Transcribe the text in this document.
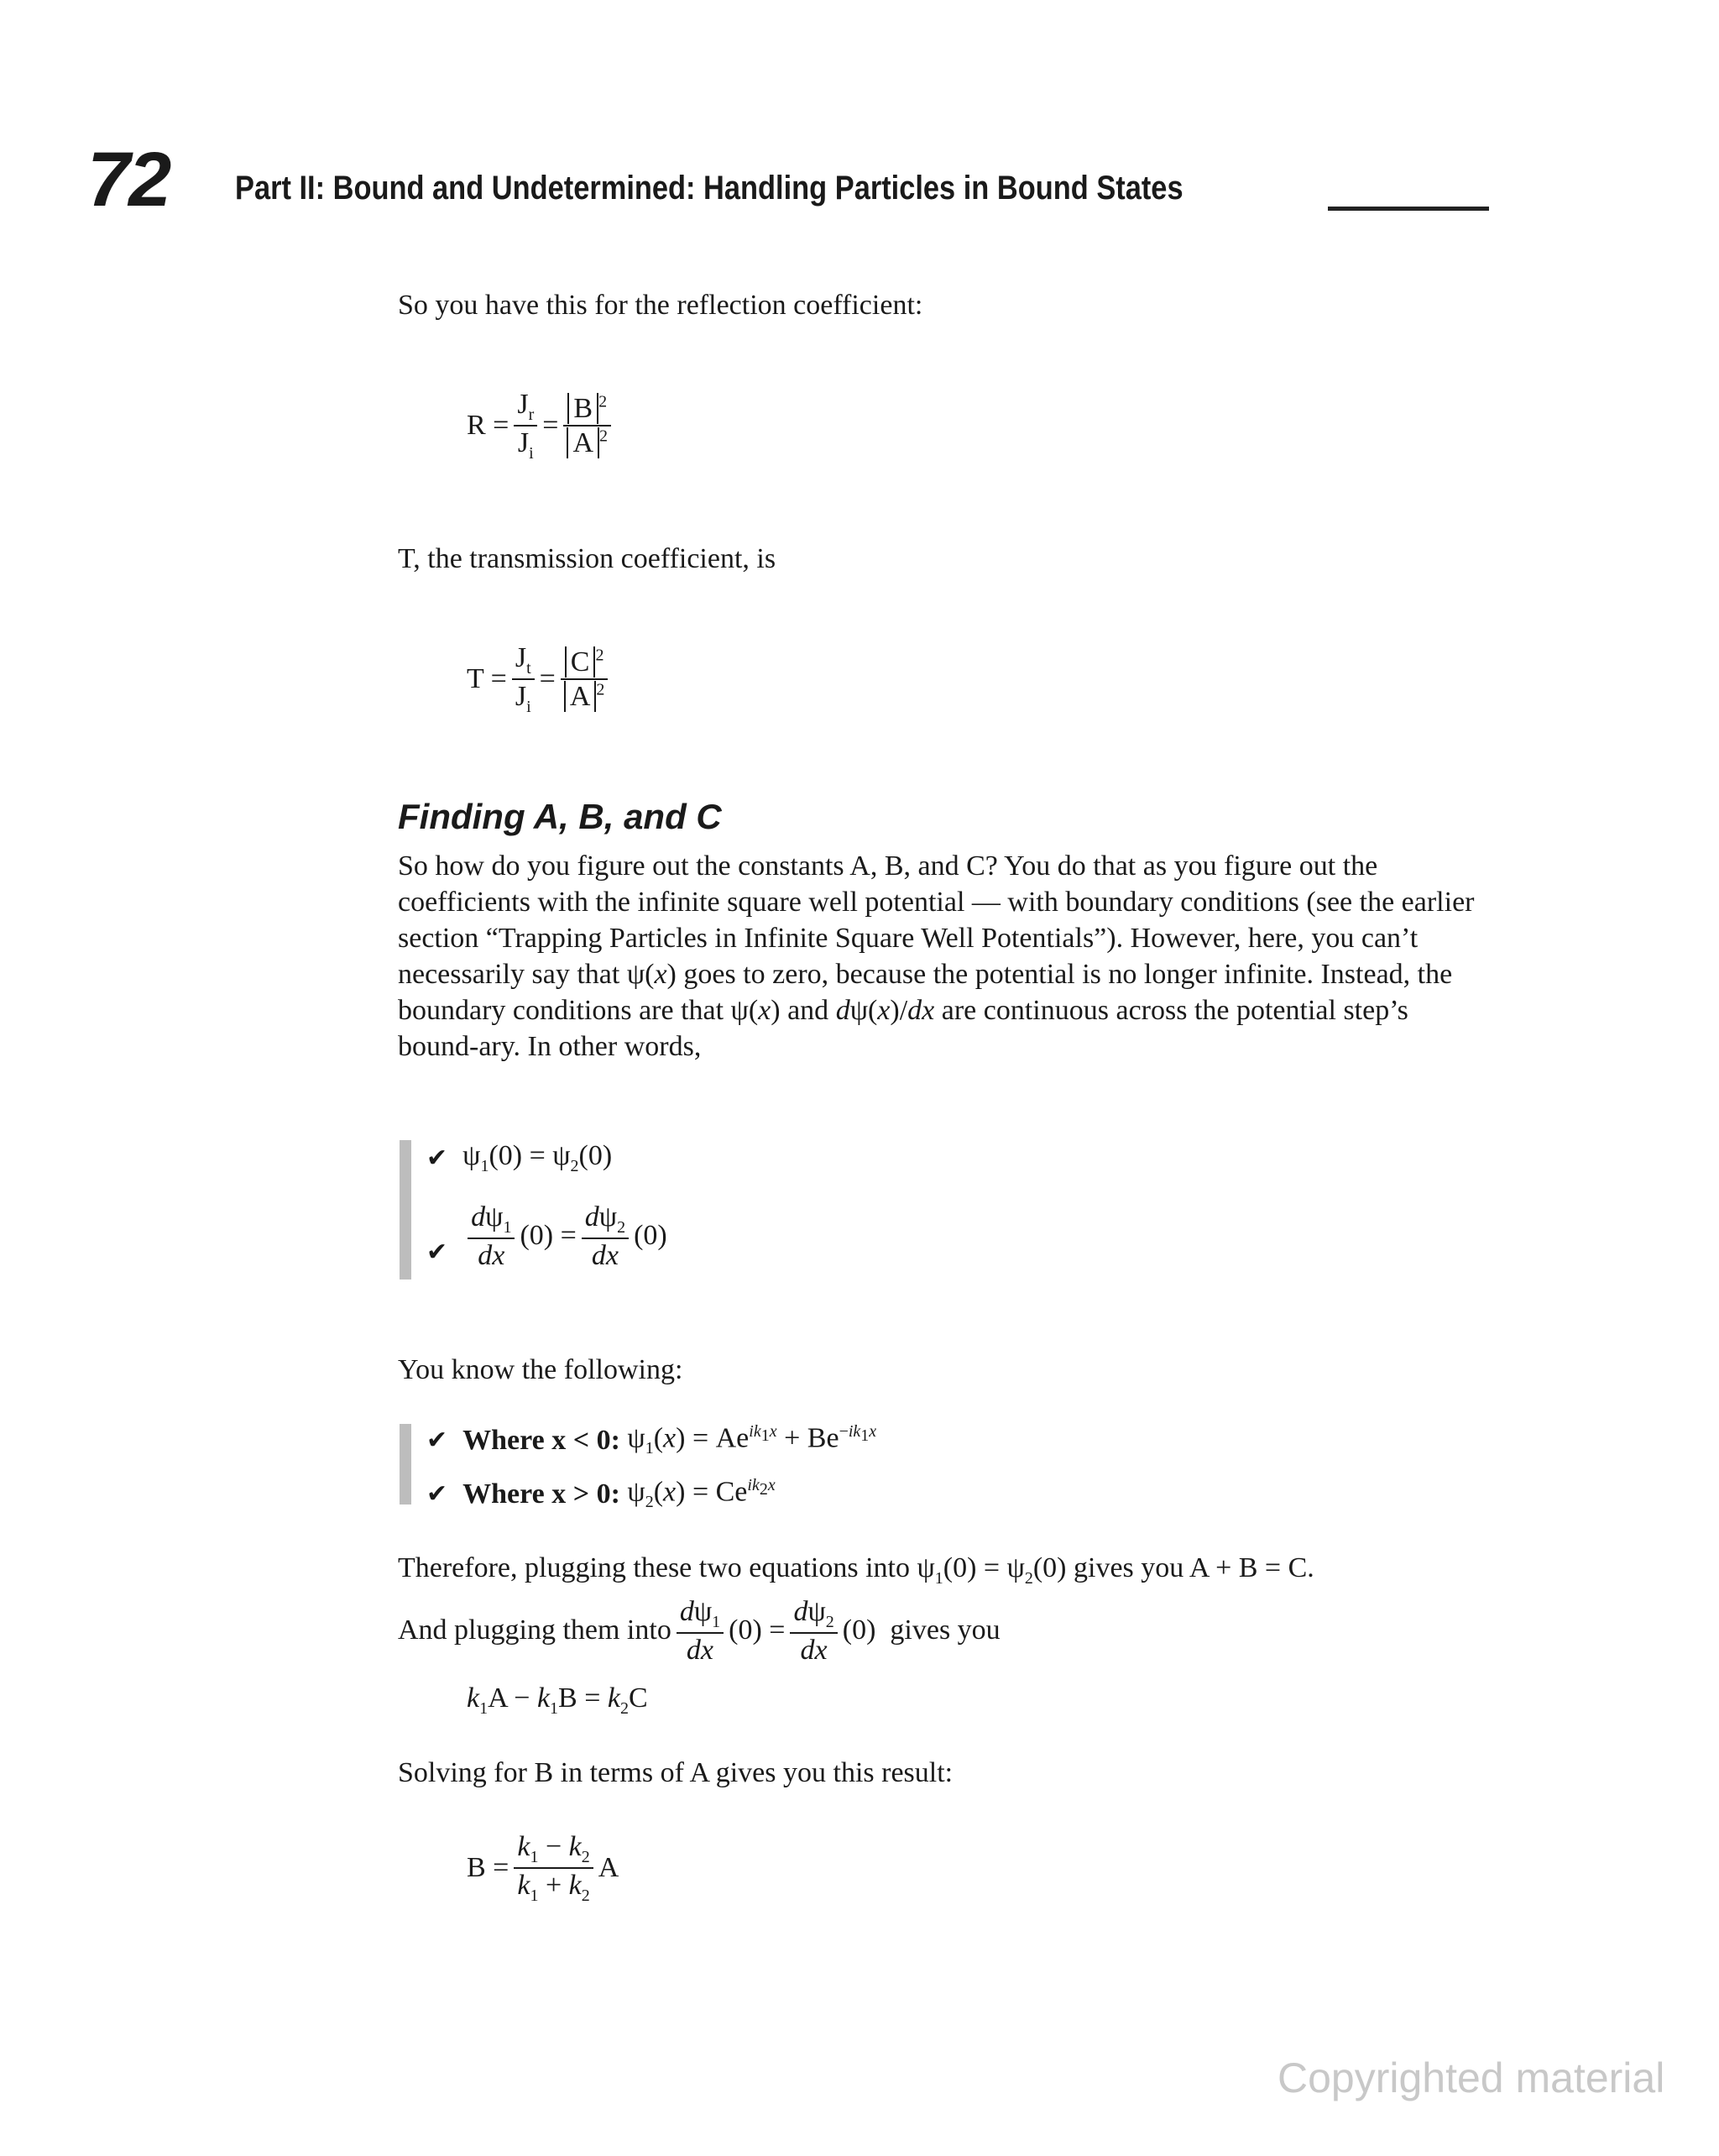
72 Part II: Bound and Undetermined: Handling Particles in Bound States

So you have this for the reflection coefficient:

$R = \frac{J_r}{J_i} = \frac{B ^2}{A ^2}$

T, the transmission coefficient, is

$T = \frac{J_t}{J_i} = \frac{C ^2}{A ^2}$
Finding A, B, and C

So how do you figure out the constants A, B, and C? You do that as you figure out the coefficients with the infinite square well potential — with boundary conditions (see the earlier section “Trapping Particles in Infinite Square Well Potentials”). However, here, you can’t necessarily say that ψ(x) goes to zero, because the potential is no longer infinite. Instead, the boundary conditions are that ψ(x) and dψ(x)/dx are continuous across the potential step’s bound-ary. In other words,

✔ $\psi_1(0) = \psi_2(0)$
✔ $\frac{d\psi_1}{dx} (0) = \frac{d\psi_2}{dx} (0)$

You know the following:

✔ Where x < 0:
$\psi_1(x) = Ae^{ik_1x} + Be^{-ik_1x}$
✔ Where x > 0:
$\psi_2(x) = Ce^{ik_2x}$

Therefore, plugging these two equations into $\psi_1(0) = \psi_2(0)$ gives you A + B = C.

And plugging them into $\frac{d\psi_1}{dx} (0) = \frac{d\psi_2}{dx} (0)$ gives you
$k_1A - k_1B = k_2C$

Solving for B in terms of A gives you this result:

$B = \frac{k_1 - k_2}{k_1 + k_2}$ A
Copyrighted material
